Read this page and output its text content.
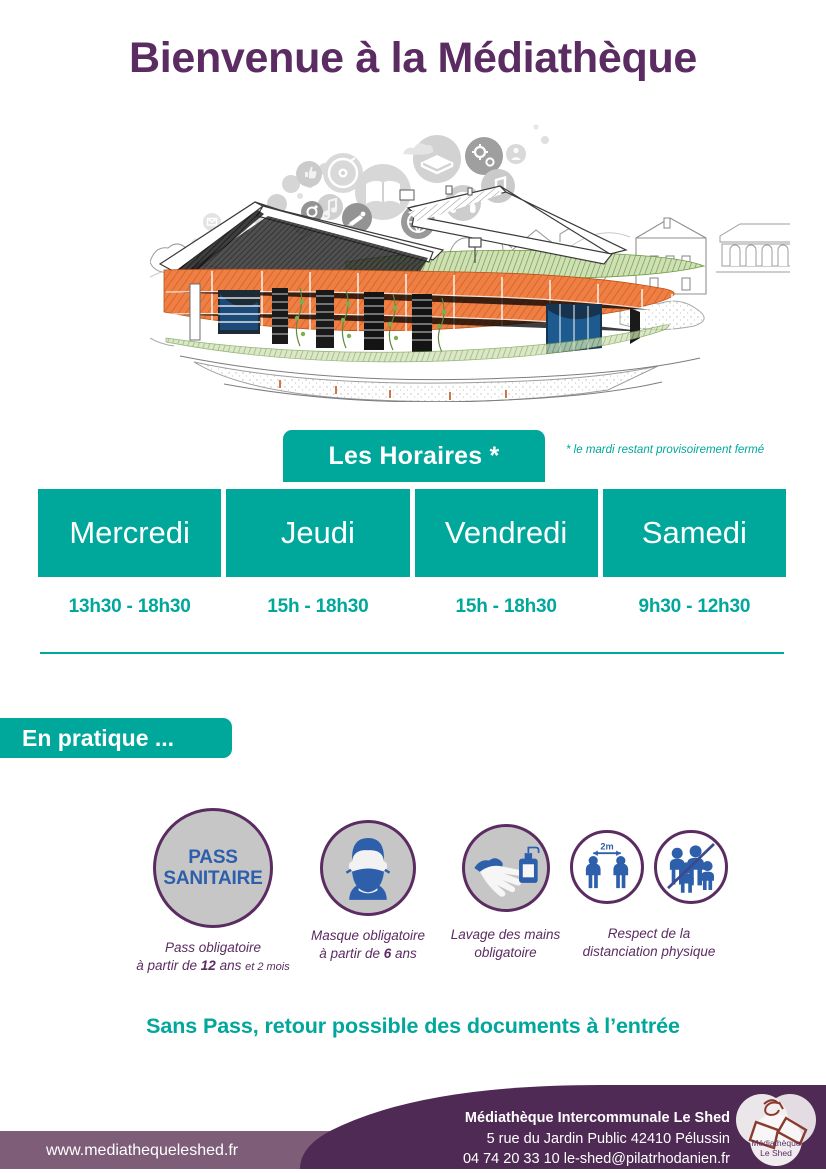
Bienvenue à la Médiathèque
Les Horaires *	* le mardi restant provisoirement fermé
Mercredi	Jeudi	Vendredi	Samedi
13h30 - 18h30	15h - 18h30	15h - 18h30	9h30 - 12h30
En pratique ...
PASS
SANITAIRE
Pass obligatoire
à partir de 12 ans et 2 mois
Masque obligatoire
à partir de 6 ans
Lavage des mains
obligatoire
2m
Respect de la
distanciation physique
Sans Pass, retour possible des documents à l’entrée
www.mediathequeleshed.fr
Médiathèque Intercommunale Le Shed
5 rue du Jardin Public 42410 Pélussin
04 74 20 33 10 le-shed@pilatrhodanien.fr
Médiathèque
Le Shed
